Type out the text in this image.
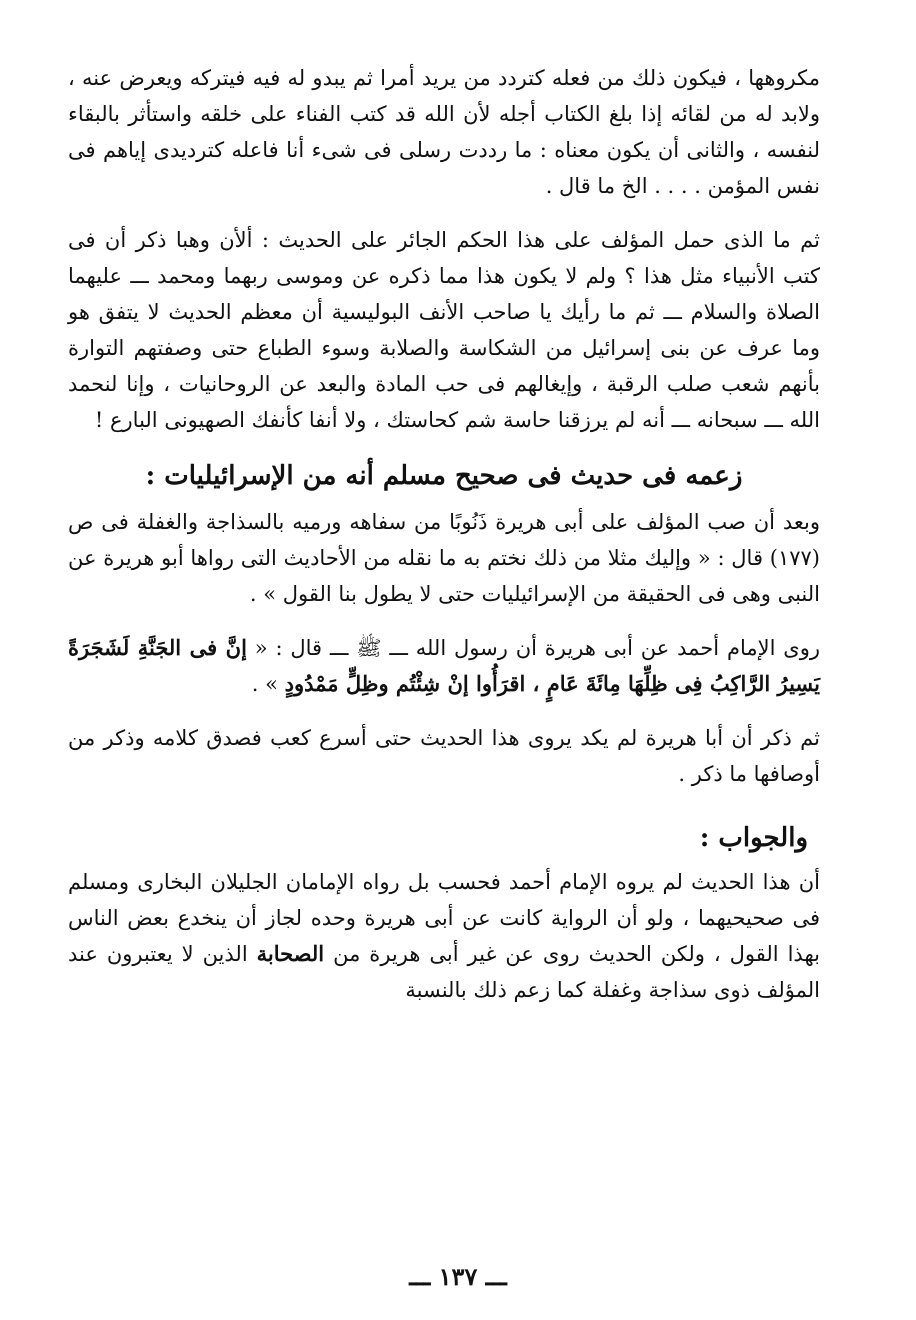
مكروهها ، فيكون ذلك من فعله كتردد من يريد أمرا ثم يبدو له فيه فيتركه ويعرض عنه ، ولابد له من لقائه إذا بلغ الكتاب أجله لأن الله قد كتب الفناء على خلقه واستأثر بالبقاء لنفسه ، والثانى أن يكون معناه : ما رددت رسلى فى شىء أنا فاعله كترديدى إياهم فى نفس المؤمن . . . . الخ ما قال .

ثم ما الذى حمل المؤلف على هذا الحكم الجائر على الحديث : ألأن وهبا ذكر أن فى كتب الأنبياء مثل هذا ؟ ولم لا يكون هذا مما ذكره عن وموسى ربهما ومحمد ـــ عليهما الصلاة والسلام ـــ ثم ما رأيك يا صاحب الأنف البوليسية أن معظم الحديث لا يتفق هو وما عرف عن بنى إسرائيل من الشكاسة والصلابة وسوء الطباع حتى وصفتهم التوارة بأنهم شعب صلب الرقبة ، وإيغالهم فى حب المادة والبعد عن الروحانيات ، وإنا لنحمد الله ـــ سبحانه ـــ أنه لم يرزقنا حاسة شم كحاستك ، ولا أنفا كأنفك الصهيونى البارع !

زعمه فى حديث فى صحيح مسلم أنه من الإسرائيليات :

وبعد أن صب المؤلف على أبى هريرة ذَنُوبًا من سفاهه ورميه بالسذاجة والغفلة فى ص (١٧٧) قال : « وإليك مثلا من ذلك نختم به ما نقله من الأحاديث التى رواها أبو هريرة عن النبى وهى فى الحقيقة من الإسرائيليات حتى لا يطول بنا القول » .

روى الإمام أحمد عن أبى هريرة أن رسول الله ـــ ﷺ ـــ قال : « إنَّ فى الجَنَّةِ لَشَجَرَةً يَسِيرُ الرَّاكِبُ فِى ظِلِّهَا مِائَةَ عَامٍ ، اقرَأُوا إنْ شِئْتُم وظِلٍّ مَمْدُودٍ » .

ثم ذكر أن أبا هريرة لم يكد يروى هذا الحديث حتى أسرع كعب فصدق كلامه وذكر من أوصافها ما ذكر .

والجواب :

أن هذا الحديث لم يروه الإمام أحمد فحسب بل رواه الإمامان الجليلان البخارى ومسلم فى صحيحيهما ، ولو أن الرواية كانت عن أبى هريرة وحده لجاز أن ينخدع بعض الناس بهذا القول ، ولكن الحديث روى عن غير أبى هريرة من الصحابة الذين لا يعتبرون عند المؤلف ذوى سذاجة وغفلة كما زعم ذلك بالنسبة

ـــ ١٣٧ ـــ
